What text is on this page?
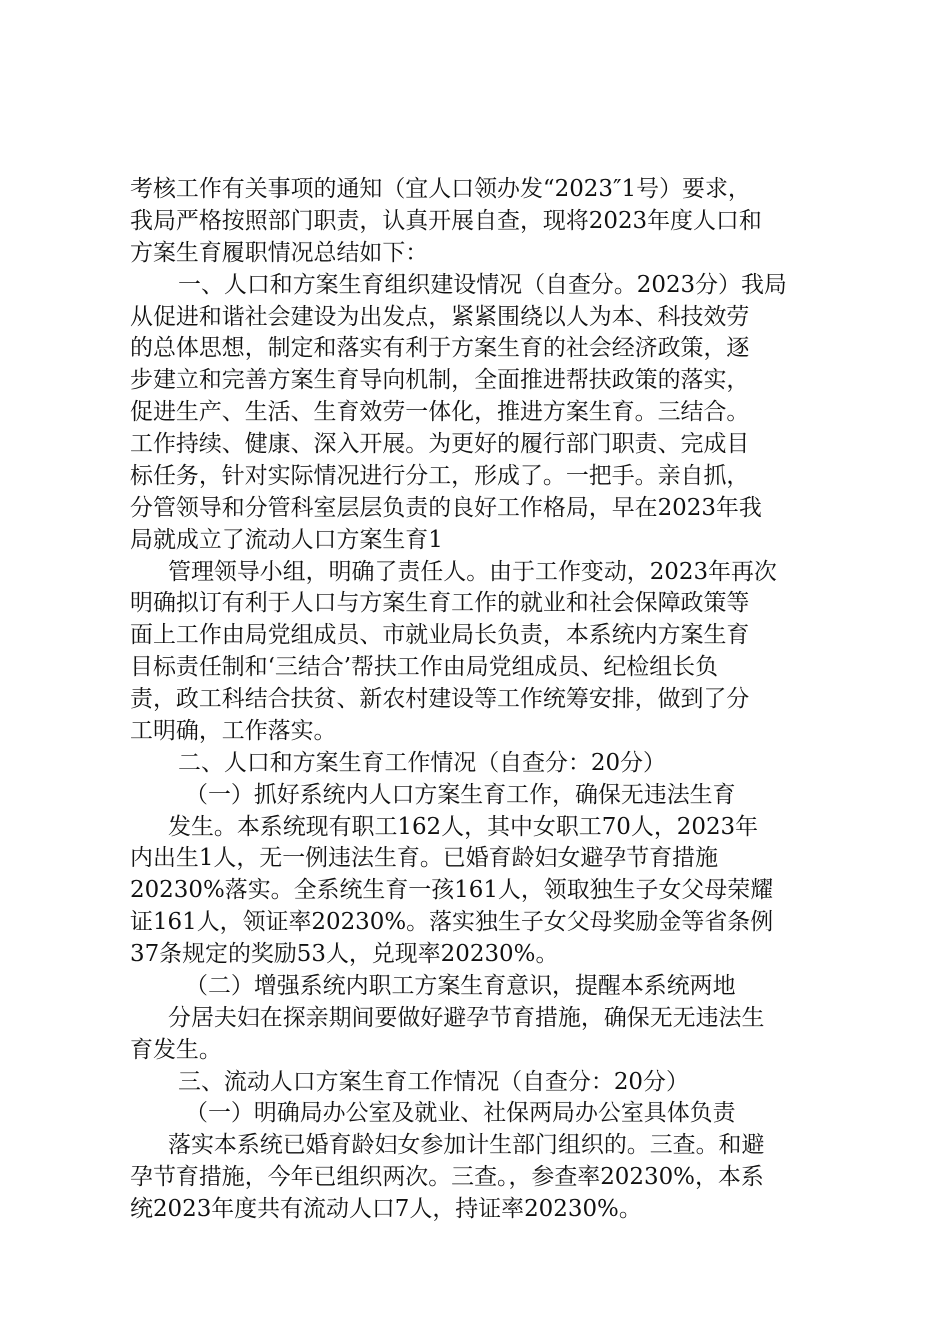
考核工作有关事项的通知（宜人口领办发“2023″1号）要求，
我局严格按照部门职责，认真开展自查，现将2023年度人口和
方案生育履职情况总结如下：
一、人口和方案生育组织建设情况（自查分。2023分）我局
从促进和谐社会建设为出发点，紧紧围绕以人为本、科技效劳
的总体思想，制定和落实有利于方案生育的社会经济政策，逐
步建立和完善方案生育导向机制，全面推进帮扶政策的落实，
促进生产、生活、生育效劳一体化，推进方案生育。三结合。
工作持续、健康、深入开展。为更好的履行部门职责、完成目
标任务，针对实际情况进行分工，形成了。一把手。亲自抓，
分管领导和分管科室层层负责的良好工作格局，早在2023年我
局就成立了流动人口方案生育1
管理领导小组，明确了责任人。由于工作变动，2023年再次
明确拟订有利于人口与方案生育工作的就业和社会保障政策等
面上工作由局党组成员、市就业局长负责，本系统内方案生育
目标责任制和‘三结合’帮扶工作由局党组成员、纪检组长负
责，政工科结合扶贫、新农村建设等工作统筹安排，做到了分
工明确，工作落实。
二、人口和方案生育工作情况（自查分：20分）
（一）抓好系统内人口方案生育工作，确保无违法生育
发生。本系统现有职工162人，其中女职工70人，2023年
内出生1人，无一例违法生育。已婚育龄妇女避孕节育措施
20230%落实。全系统生育一孩161人，领取独生子女父母荣耀
证161人，领证率20230%。落实独生子女父母奖励金等省条例
37条规定的奖励53人，兑现率20230%。
（二）增强系统内职工方案生育意识，提醒本系统两地
分居夫妇在探亲期间要做好避孕节育措施，确保无无违法生
育发生。
三、流动人口方案生育工作情况（自查分：20分）
（一）明确局办公室及就业、社保两局办公室具体负责
落实本系统已婚育龄妇女参加计生部门组织的。三查。和避
孕节育措施，今年已组织两次。三查。，参查率20230%，本系
统2023年度共有流动人口7人，持证率20230%。
